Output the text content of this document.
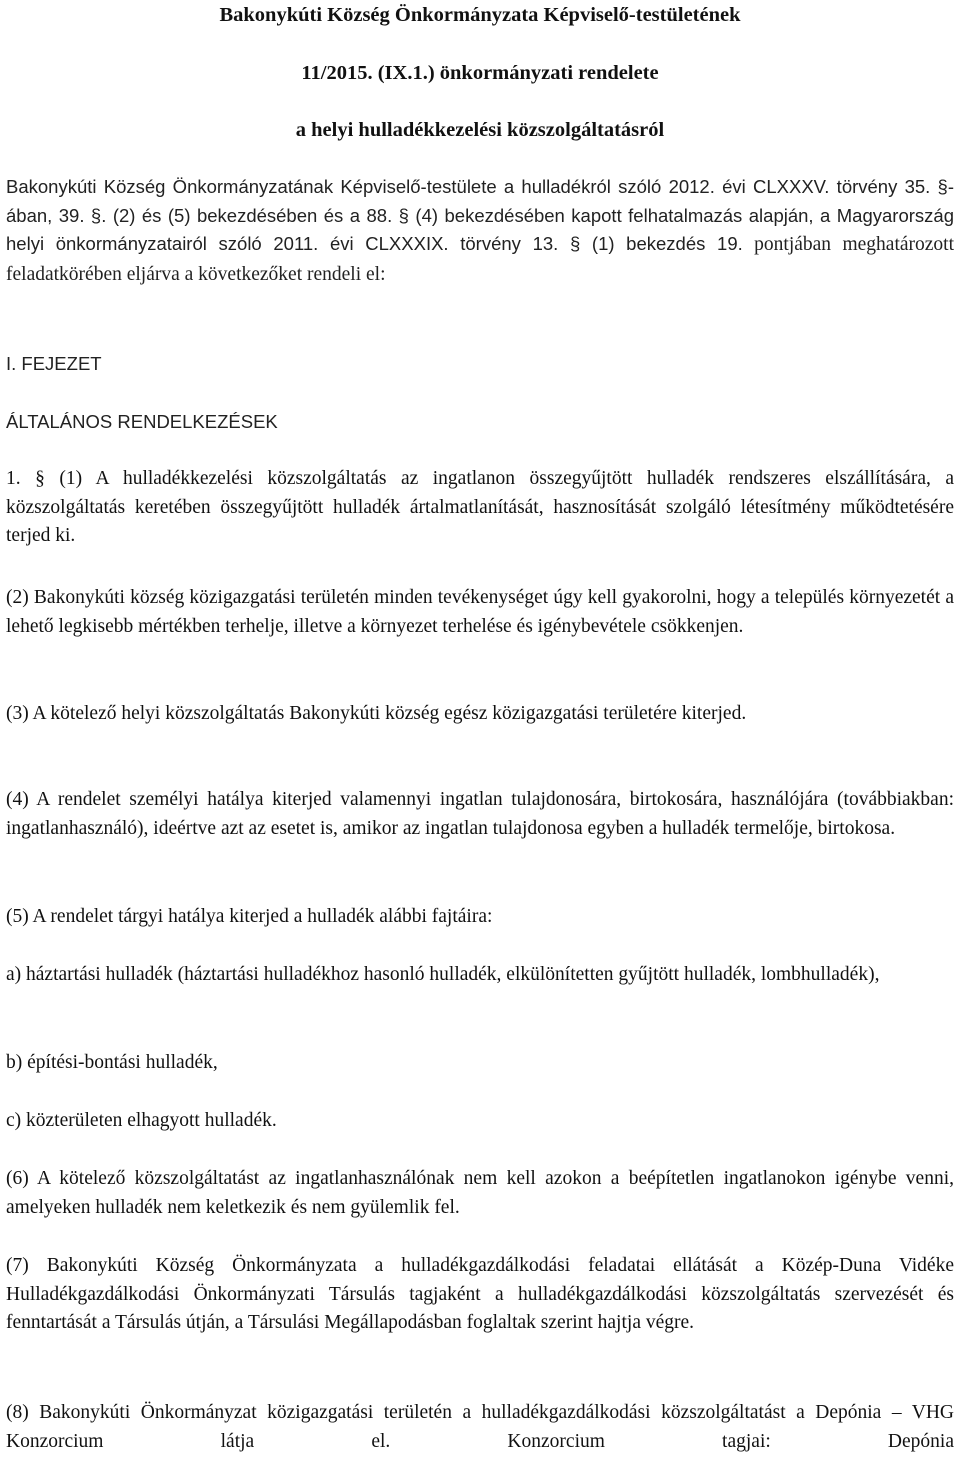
Bakonykúti Község Önkormányzata Képviselő-testületének
11/2015. (IX.1.) önkormányzati rendelete
a helyi hulladékkezelési közszolgáltatásról
Bakonykúti Község Önkormányzatának Képviselő-testülete a hulladékról szóló 2012. évi CLXXXV. törvény 35. §-ában, 39. §. (2) és (5) bekezdésében és a 88. § (4) bekezdésében kapott felhatalmazás alapján, a Magyarország helyi önkormányzatairól szóló 2011. évi CLXXXIX. törvény 13. § (1) bekezdés 19. pontjában meghatározott feladatkörében eljárva a következőket rendeli el:
I. FEJEZET
ÁLTALÁNOS RENDELKEZÉSEK
1. § (1) A hulladékkezelési közszolgáltatás az ingatlanon összegyűjtött hulladék rendszeres elszállítására, a közszolgáltatás keretében összegyűjtött hulladék ártalmatlanítását, hasznosítását szolgáló létesítmény működtetésére terjed ki.
(2) Bakonykúti község közigazgatási területén minden tevékenységet úgy kell gyakorolni, hogy a település környezetét a lehető legkisebb mértékben terhelje, illetve a környezet terhelése és igénybevétele csökkenjen.
(3) A kötelező helyi közszolgáltatás Bakonykúti község egész közigazgatási területére kiterjed.
(4) A rendelet személyi hatálya kiterjed valamennyi ingatlan tulajdonosára, birtokosára, használójára (továbbiakban: ingatlanhasználó), ideértve azt az esetet is, amikor az ingatlan tulajdonosa egyben a hulladék termelője, birtokosa.
(5) A rendelet tárgyi hatálya kiterjed a hulladék alábbi fajtáira:
a) háztartási hulladék (háztartási hulladékhoz hasonló hulladék, elkülönítetten gyűjtött hulladék, lombhulladék),
b) építési-bontási hulladék,
c) közterületen elhagyott hulladék.
(6) A kötelező közszolgáltatást az ingatlanhasználónak nem kell azokon a beépítetlen ingatlanokon igénybe venni, amelyeken hulladék nem keletkezik és nem gyülemlik fel.
(7) Bakonykúti Község Önkormányzata a hulladékgazdálkodási feladatai ellátását a Közép-Duna Vidéke Hulladékgazdálkodási Önkormányzati Társulás tagjaként a hulladékgazdálkodási közszolgáltatás szervezését és fenntartását a Társulás útján, a Társulási Megállapodásban foglaltak szerint hajtja végre.
(8) Bakonykúti Önkormányzat közigazgatási területén a hulladékgazdálkodási közszolgáltatást a Depónia – VHG Konzorcium látja el. Konzorcium tagjai: Depónia
